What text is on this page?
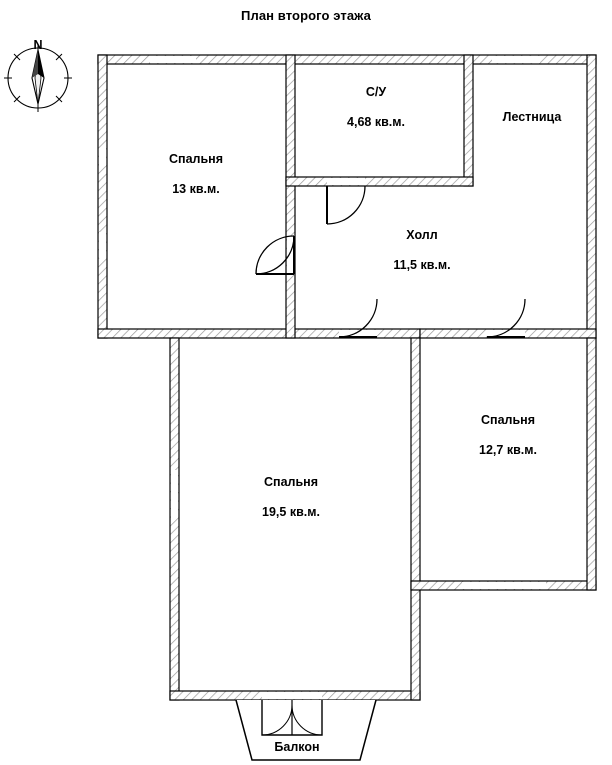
План второго этажа
N
Спальня
13 кв.м.
С/У
4,68 кв.м.	Лестница
Холл
11,5 кв.м.
Спальня
12,7 кв.м.
Спальня
19,5 кв.м.
Балкон
